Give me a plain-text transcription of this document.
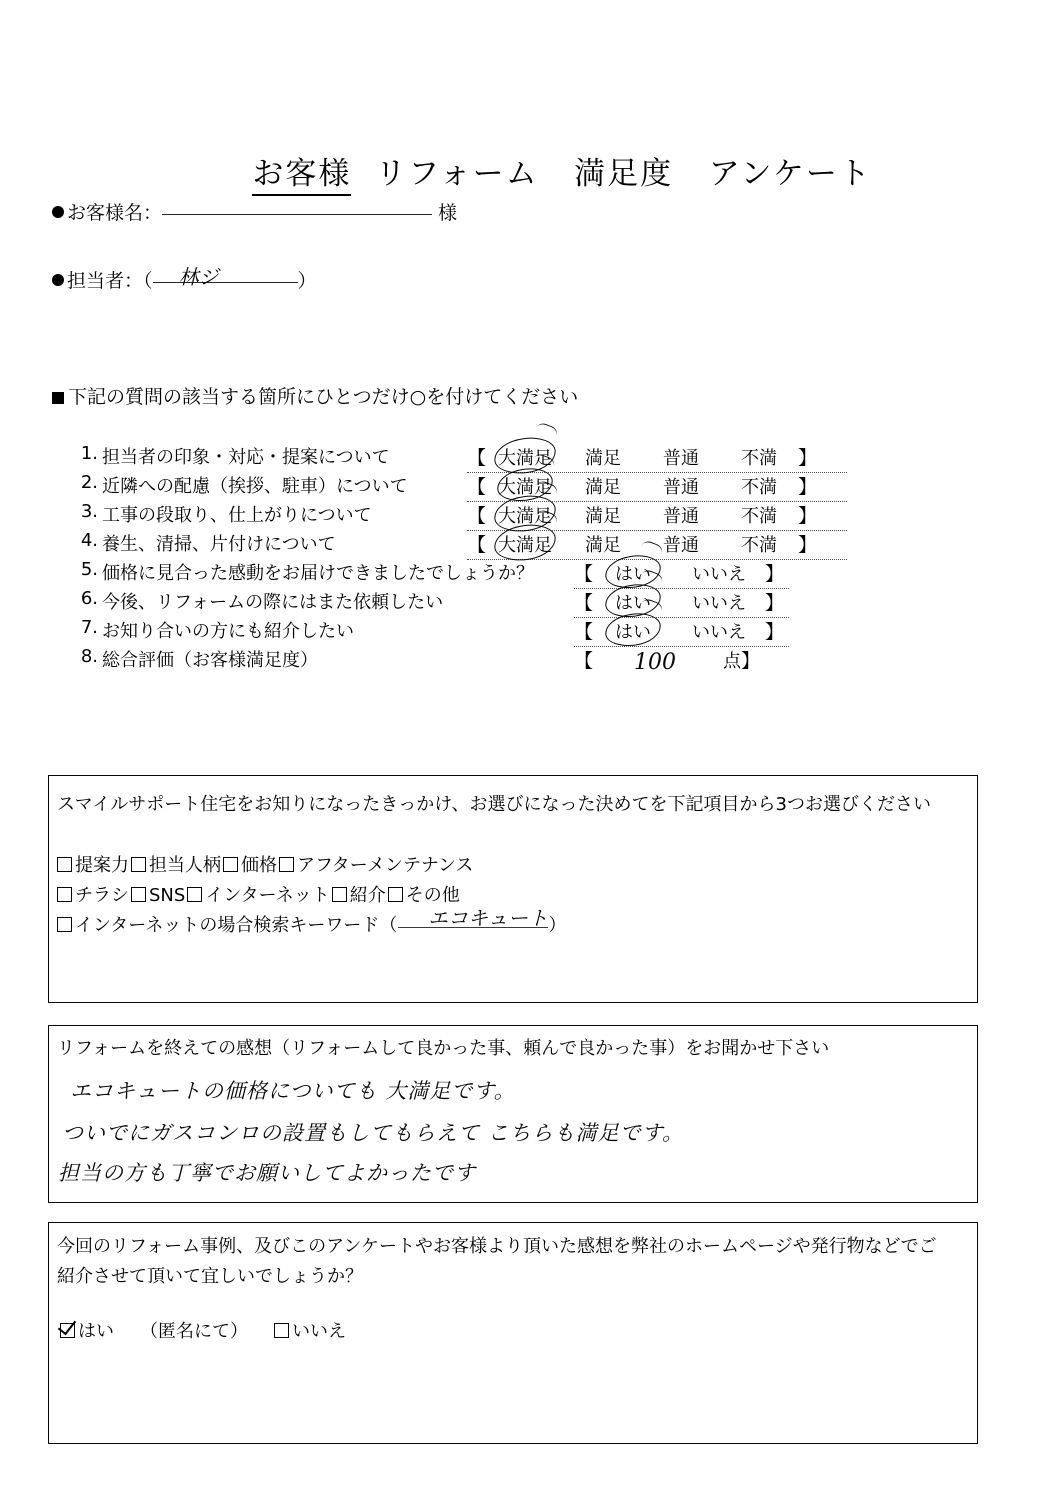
お客様 リフォーム 満足度 アンケート

お客様名：	様
担当者：（ 林ジ	）
下記の質問の該当する箇所にひとつだけ○を付けてください
1. 担当者の印象・対応・提案について	【 大満足 満足 普通 不満 】
2. 近隣への配慮（挨拶、駐車）について	【 大満足 満足 普通 不満 】
3. 工事の段取り、仕上がりについて	【 大満足 満足 普通 不満 】
4. 養生、清掃、片付けについて	【 大満足 満足 普通 不満 】
5. 価格に見合った感動をお届けできましたでしょうか？ 【 はい いいえ 】
6. 今後、リフォームの際にはまた依頼したい	【 はい いいえ 】
7. お知り合いの方にも紹介したい	【 はい いいえ 】
8. 総合評価（お客様満足度）	【 100	点】
スマイルサポート住宅をお知りになったきっかけ、お選びになった決めてを下記項目から3つお選びください
提案力 担当人柄 価格 アフターメンテナンス
チラシ SNS インターネット 紹介 その他
インターネットの場合検索キーワード（	）
エコキュート
リフォームを終えての感想（リフォームして良かった事、頼んで良かった事）をお聞かせ下さい
エコキュートの価格についても 大満足です。
ついでにガスコンロの設置もしてもらえて こちらも満足です。
担当の方も丁寧でお願いしてよかったです
今回のリフォーム事例、及びこのアンケートやお客様より頂いた感想を弊社のホームページや発行物などでご
紹介させて頂いて宜しいでしょうか？
はい （匿名にて） いいえ
